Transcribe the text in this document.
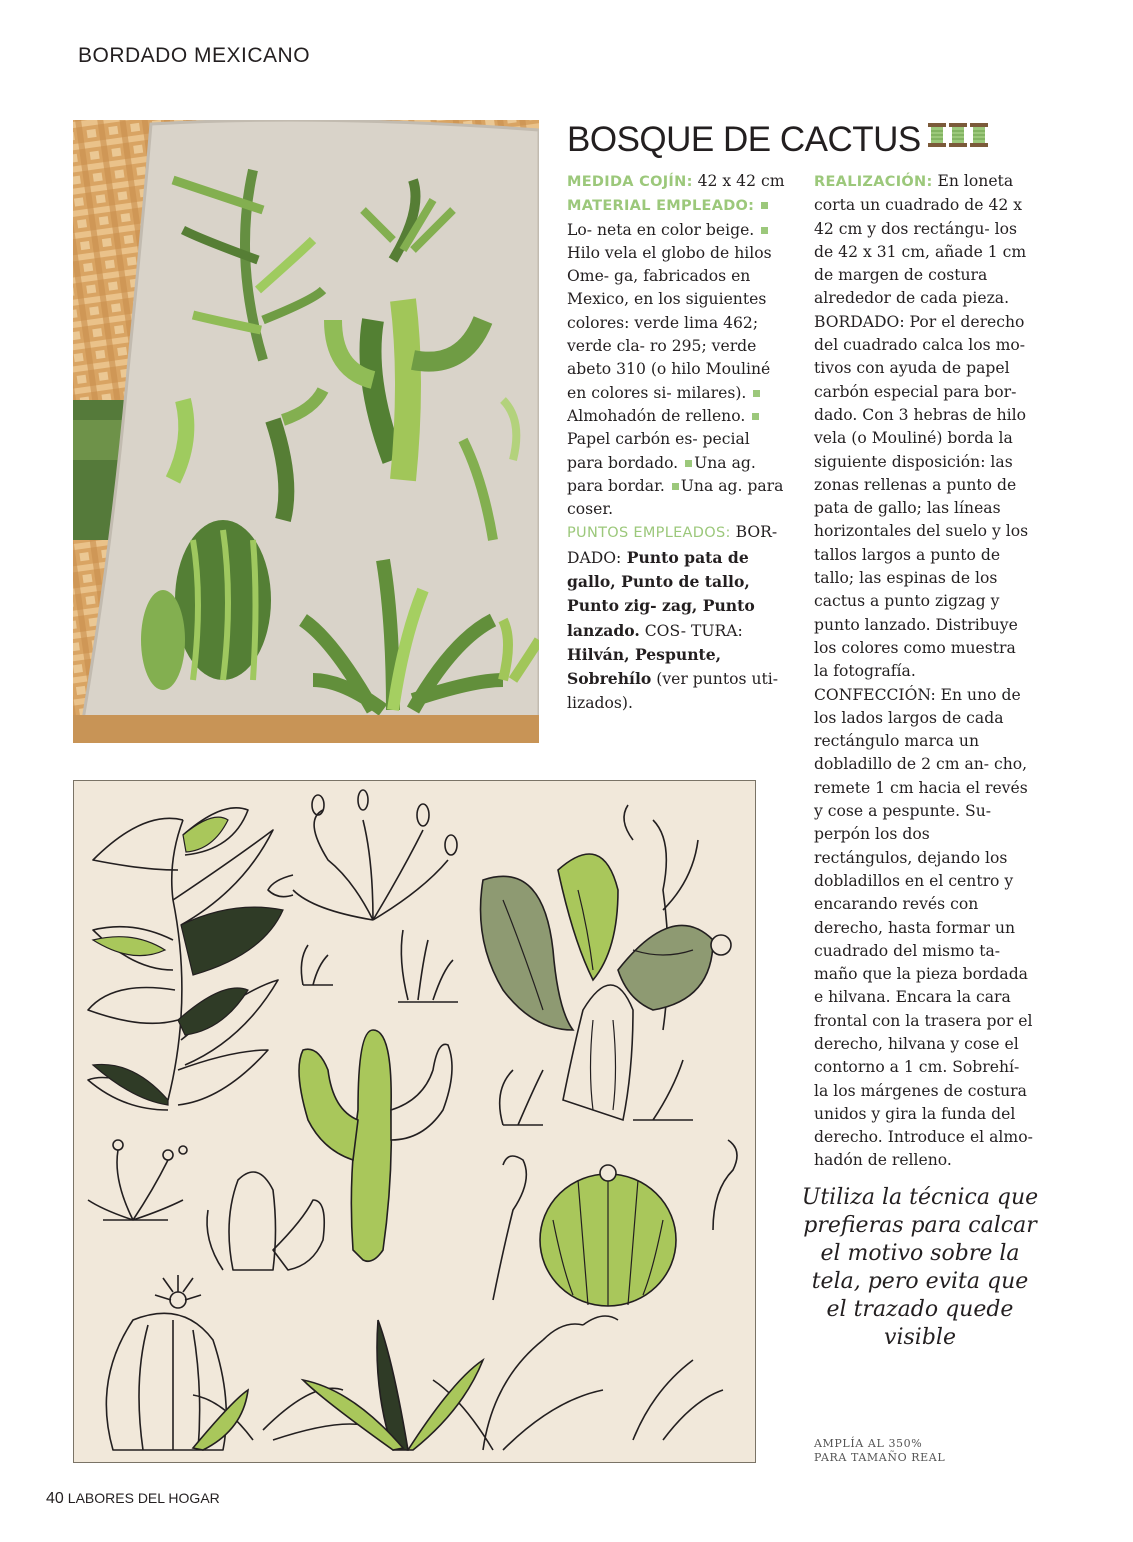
BORDADO MEXICANO
BOSQUE DE CACTUS
MEDIDA COJÍN: 42 x 42 cm
MATERIAL EMPLEADO: Lo- neta en color beige. Hilo vela el globo de hilos Ome- ga, fabricados en Mexico, en los siguientes colores: verde lima 462; verde cla- ro 295; verde abeto 310 (o hilo Mouliné en colores si- milares). Almohadón de relleno. Papel carbón es- pecial para bordado. Una ag. para bordar. Una ag. para coser.
PUNTOS EMPLEADOS: BOR- DADO: Punto pata de gallo, Punto de tallo, Punto zig- zag, Punto lanzado. COS- TURA: Hilván, Pespunte, Sobrehílo (ver puntos uti- lizados).
REALIZACIÓN: En loneta corta un cuadrado de 42 x 42 cm y dos rectángu- los de 42 x 31 cm, añade 1 cm de margen de costura alrededor de cada pieza. BORDADO: Por el derecho del cuadrado calca los mo- tivos con ayuda de papel carbón especial para bor- dado. Con 3 hebras de hilo vela (o Mouliné) borda la siguiente disposición: las zonas rellenas a punto de pata de gallo; las líneas horizontales del suelo y los tallos largos a punto de tallo; las espinas de los cactus a punto zigzag y punto lanzado. Distribuye los colores como muestra la fotografía. CONFECCIÓN: En uno de los lados largos de cada rectángulo marca un dobladillo de 2 cm an- cho, remete 1 cm hacia el revés y cose a pespunte. Su- perpón los dos rectángulos, dejando los dobladillos en el centro y encarando revés con derecho, hasta formar un cuadrado del mismo ta- maño que la pieza bordada e hilvana. Encara la cara frontal con la trasera por el derecho, hilvana y cose el contorno a 1 cm. Sobrehí- la los márgenes de costura unidos y gira la funda del derecho. Introduce el almo- hadón de relleno.
Utiliza la técnica que prefieras para calcar el motivo sobre la tela, pero evita que el trazado quede visible
AMPLÍA AL 350%
PARA TAMAÑO REAL
40 LABORES DEL HOGAR
